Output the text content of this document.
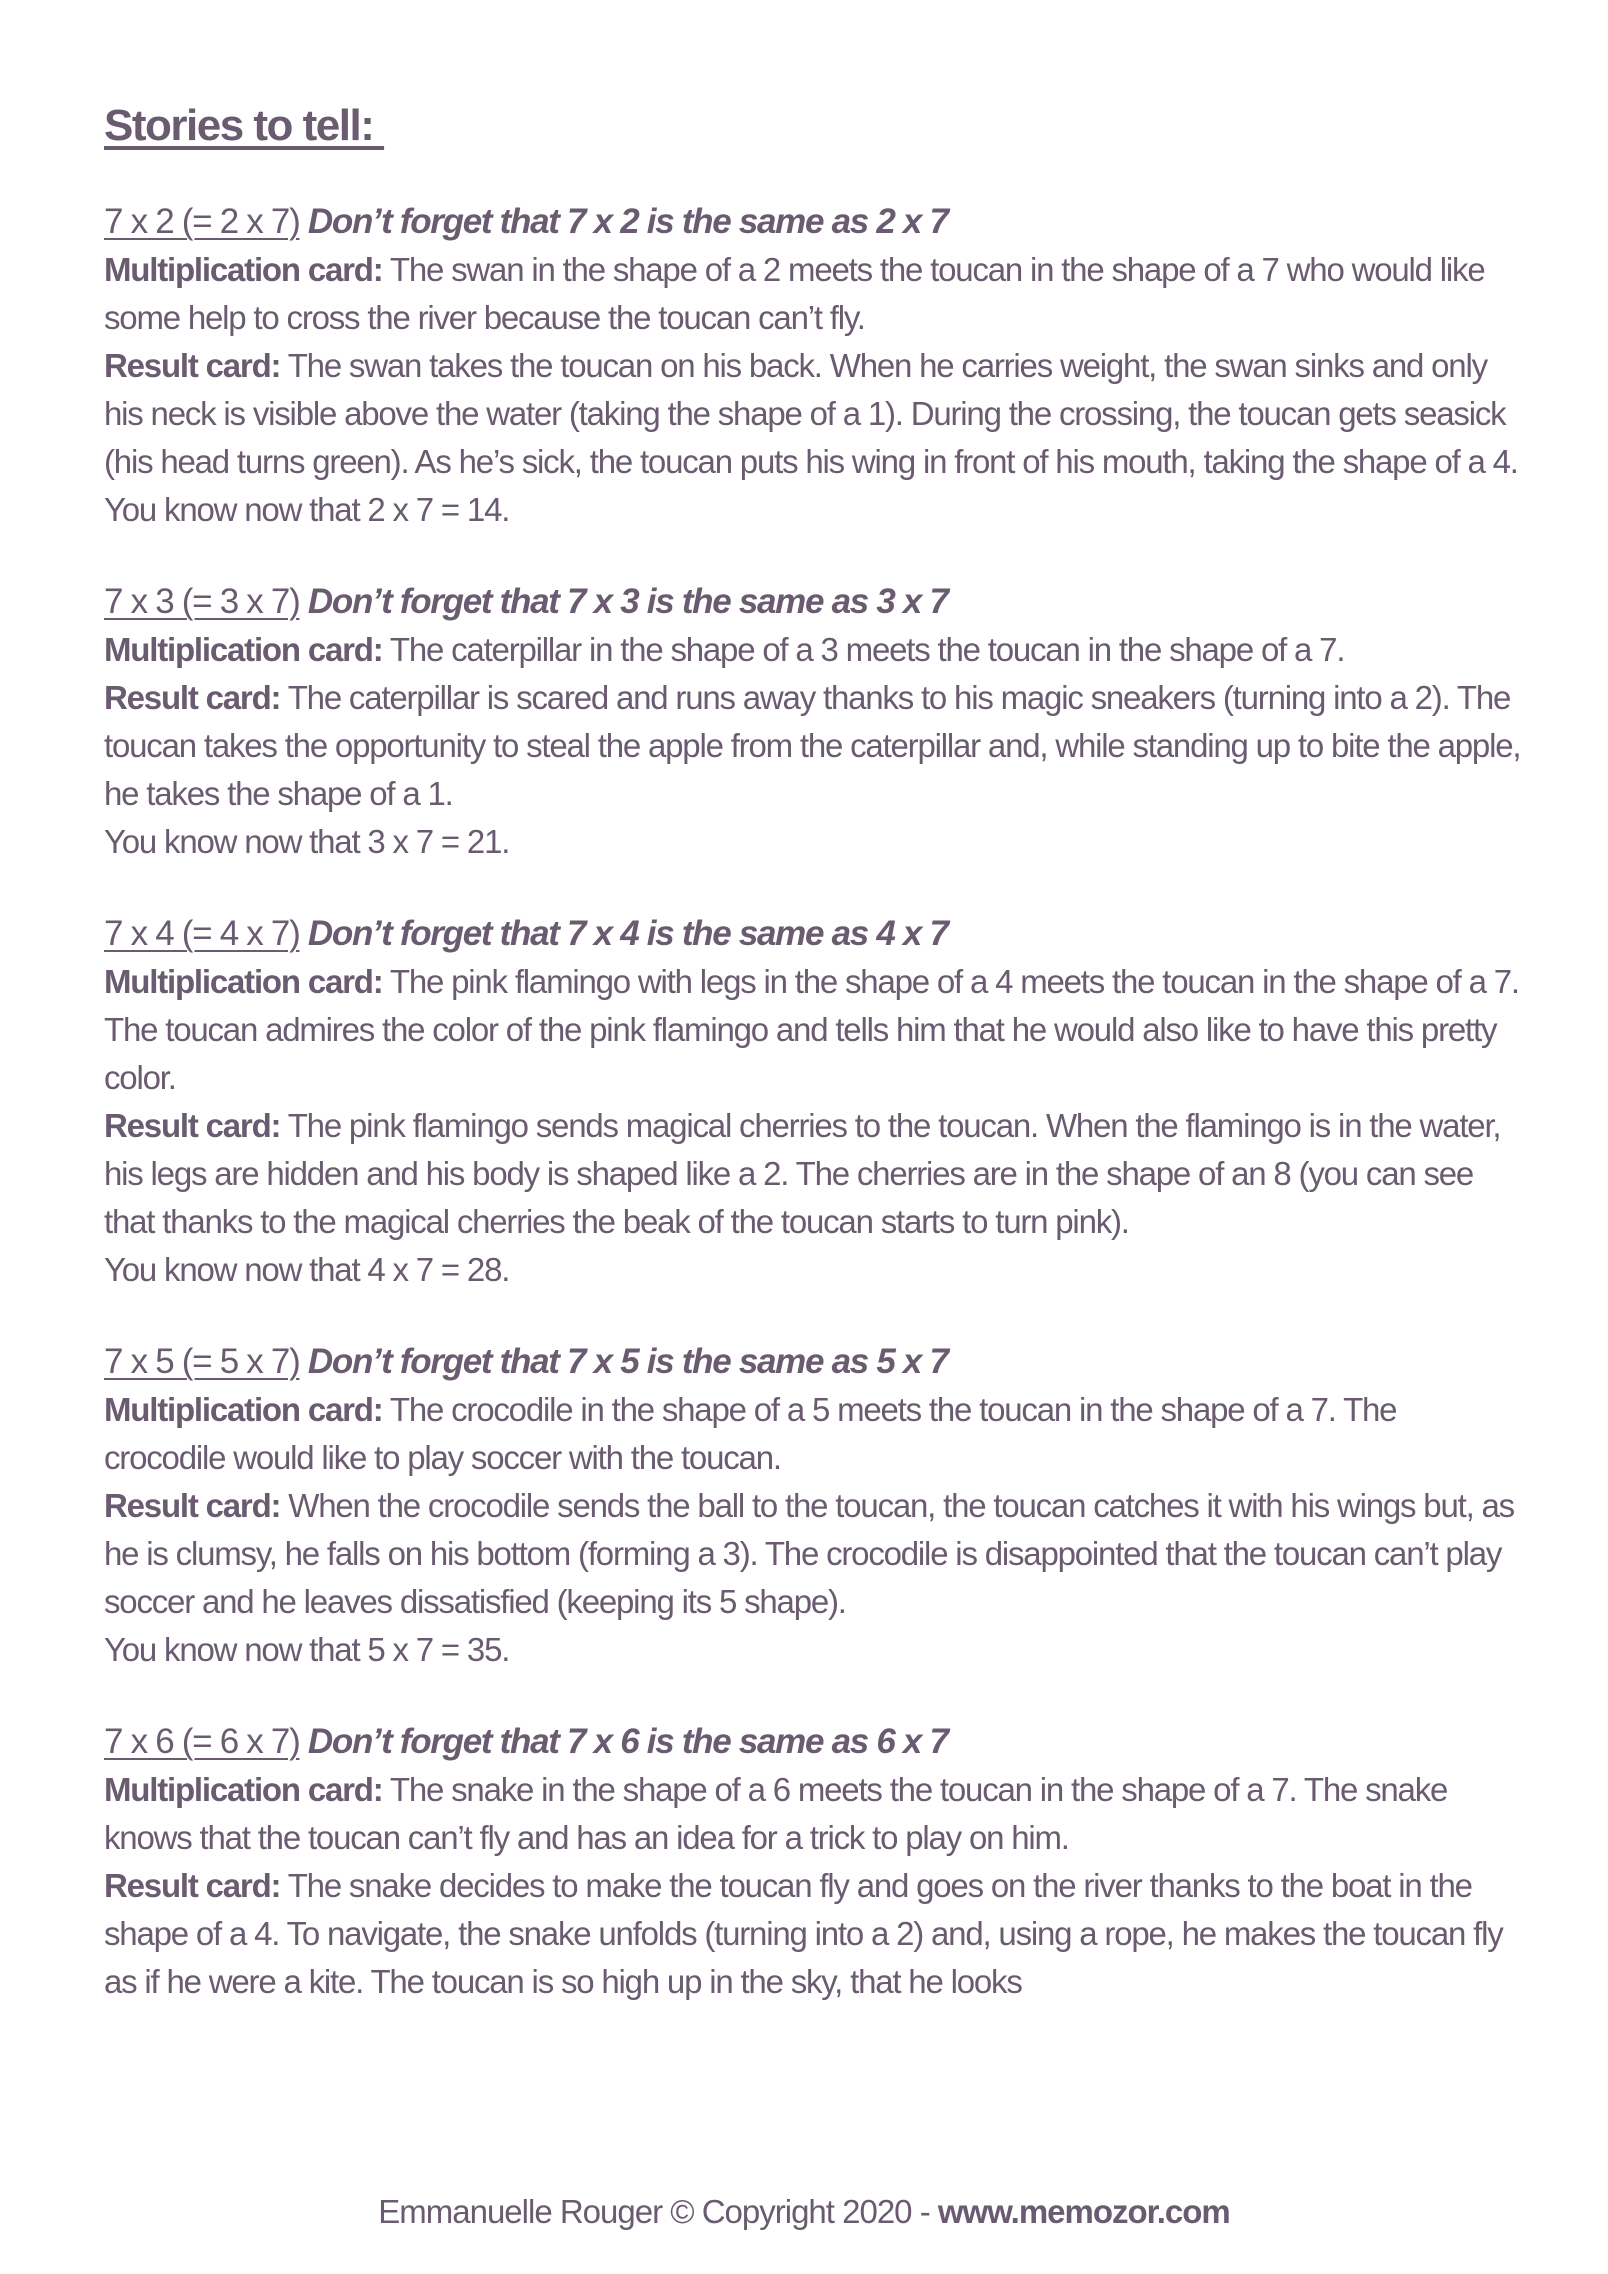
Stories to tell:

7 x 2 (= 2 x 7) Don’t forget that 7 x 2 is the same as 2 x 7

Multiplication card: The swan in the shape of a 2 meets the toucan in the shape of a 7 who would like some help to cross the river because the toucan can’t fly.

Result card: The swan takes the toucan on his back. When he carries weight, the swan sinks and only his neck is visible above the water (taking the shape of a 1). During the crossing, the toucan gets seasick (his head turns green). As he’s sick, the toucan puts his wing in front of his mouth, taking the shape of a 4.

You know now that 2 x 7 = 14.

7 x 3 (= 3 x 7) Don’t forget that 7 x 3 is the same as 3 x 7

Multiplication card: The caterpillar in the shape of a 3 meets the toucan in the shape of a 7.

Result card: The caterpillar is scared and runs away thanks to his magic sneakers (turning into a 2). The toucan takes the opportunity to steal the apple from the caterpillar and, while standing up to bite the apple, he takes the shape of a 1.

You know now that 3 x 7 = 21.

7 x 4 (= 4 x 7) Don’t forget that 7 x 4 is the same as 4 x 7

Multiplication card: The pink flamingo with legs in the shape of a 4 meets the toucan in the shape of a 7. The toucan admires the color of the pink flamingo and tells him that he would also like to have this pretty color.

Result card: The pink flamingo sends magical cherries to the toucan. When the flamingo is in the water, his legs are hidden and his body is shaped like a 2. The cherries are in the shape of an 8 (you can see that thanks to the magical cherries the beak of the toucan starts to turn pink).

You know now that 4 x 7 = 28.

7 x 5 (= 5 x 7) Don’t forget that 7 x 5 is the same as 5 x 7

Multiplication card: The crocodile in the shape of a 5 meets the toucan in the shape of a 7. The crocodile would like to play soccer with the toucan.

Result card: When the crocodile sends the ball to the toucan, the toucan catches it with his wings but, as he is clumsy, he falls on his bottom (forming a 3). The crocodile is disappointed that the toucan can’t play soccer and he leaves dissatisfied (keeping its 5 shape).

You know now that 5 x 7 = 35.

7 x 6 (= 6 x 7) Don’t forget that 7 x 6 is the same as 6 x 7

Multiplication card: The snake in the shape of a 6 meets the toucan in the shape of a 7. The snake knows that the toucan can’t fly and has an idea for a trick to play on him.

Result card: The snake decides to make the toucan fly and goes on the river thanks to the boat in the shape of a 4. To navigate, the snake unfolds (turning into a 2) and, using a rope, he makes the toucan fly as if he were a kite. The toucan is so high up in the sky, that he looks

Emmanuelle Rouger © Copyright 2020 - www.memozor.com
